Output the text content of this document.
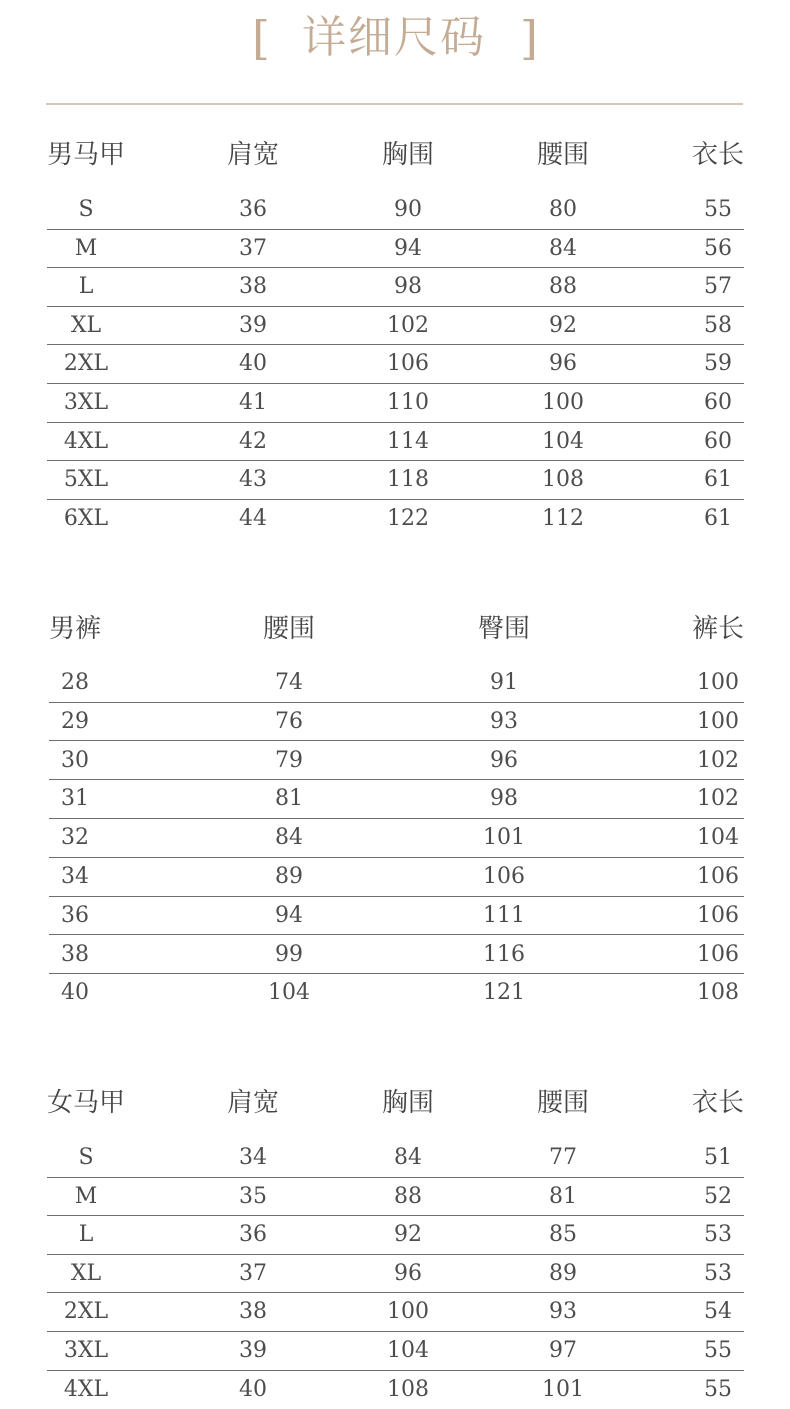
[ 详细尺码 ]
男马甲	肩宽	胸围	腰围	衣长
S	36	90	80	55
M	37	94	84	56
L	38	98	88	57
XL	39	102	92	58
2XL	40	106	96	59
3XL	41	110	100	60
4XL	42	114	104	60
5XL	43	118	108	61
6XL	44	122	112	61
男裤	腰围	臀围	裤长
28	74	91	100
29	76	93	100
30	79	96	102
31	81	98	102
32	84	101	104
34	89	106	106
36	94	111	106
38	99	116	106
40	104	121	108
女马甲	肩宽	胸围	腰围	衣长
S	34	84	77	51
M	35	88	81	52
L	36	92	85	53
XL	37	96	89	53
2XL	38	100	93	54
3XL	39	104	97	55
4XL	40	108	101	55
